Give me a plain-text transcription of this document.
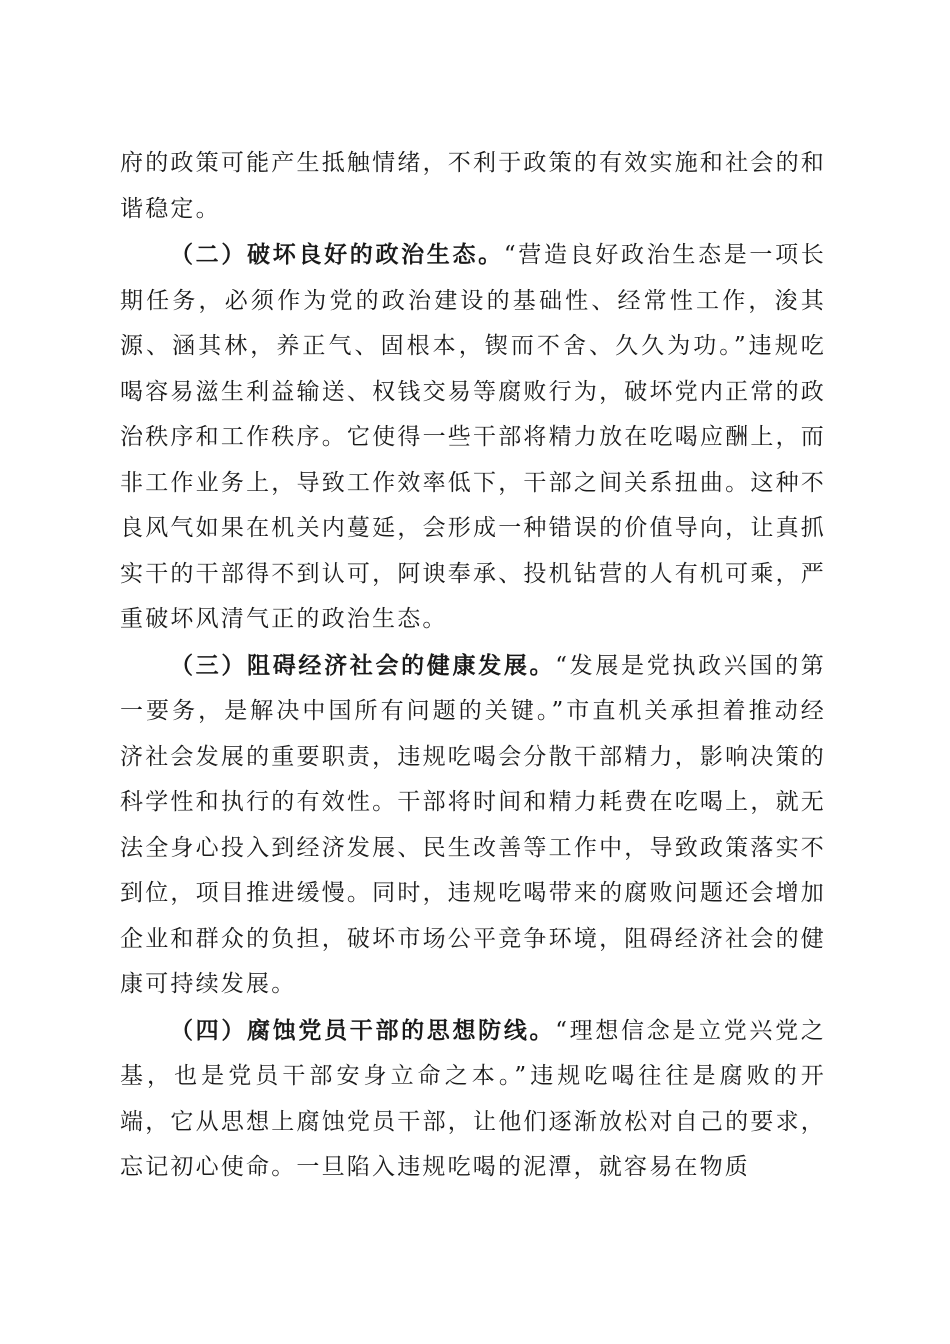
府的政策可能产生抵触情绪，不利于政策的有效实施和社会的和谐稳定。

（二）破坏良好的政治生态。“营造良好政治生态是一项长期任务，必须作为党的政治建设的基础性、经常性工作，浚其源、涵其林，养正气、固根本，锲而不舍、久久为功。”违规吃喝容易滋生利益输送、权钱交易等腐败行为，破坏党内正常的政治秩序和工作秩序。它使得一些干部将精力放在吃喝应酬上，而非工作业务上，导致工作效率低下，干部之间关系扭曲。这种不良风气如果在机关内蔓延，会形成一种错误的价值导向，让真抓实干的干部得不到认可，阿谀奉承、投机钻营的人有机可乘，严重破坏风清气正的政治生态。

（三）阻碍经济社会的健康发展。“发展是党执政兴国的第一要务，是解决中国所有问题的关键。”市直机关承担着推动经济社会发展的重要职责，违规吃喝会分散干部精力，影响决策的科学性和执行的有效性。干部将时间和精力耗费在吃喝上，就无法全身心投入到经济发展、民生改善等工作中，导致政策落实不到位，项目推进缓慢。同时，违规吃喝带来的腐败问题还会增加企业和群众的负担，破坏市场公平竞争环境，阻碍经济社会的健康可持续发展。

（四）腐蚀党员干部的思想防线。“理想信念是立党兴党之基，也是党员干部安身立命之本。”违规吃喝往往是腐败的开端，它从思想上腐蚀党员干部，让他们逐渐放松对自己的要求，忘记初心使命。一旦陷入违规吃喝的泥潭，就容易在物质
